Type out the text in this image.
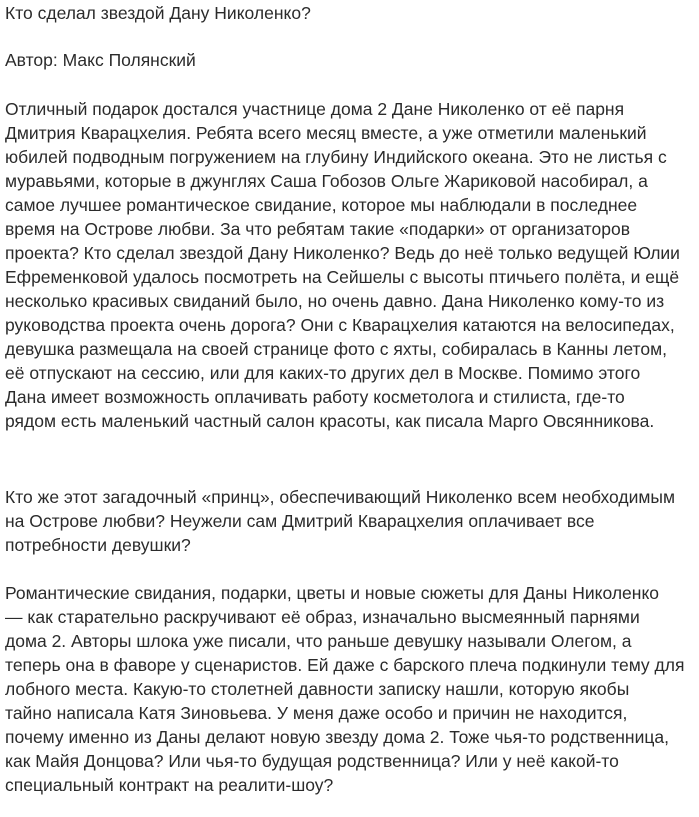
Кто сделал звездой Дану Николенко?
Автор: Макс Полянский
Отличный подарок достался участнице дома 2 Дане Николенко от её парня
Дмитрия Кварацхелия. Ребята всего месяц вместе, а уже отметили маленький
юбилей подводным погружением на глубину Индийского океана. Это не листья с
муравьями, которые в джунглях Саша Гобозов Ольге Жариковой насобирал, а
самое лучшее романтическое свидание, которое мы наблюдали в последнее
время на Острове любви. За что ребятам такие «подарки» от организаторов
проекта? Кто сделал звездой Дану Николенко? Ведь до неё только ведущей Юлии
Ефременковой удалось посмотреть на Сейшелы с высоты птичьего полёта, и ещё
несколько красивых свиданий было, но очень давно. Дана Николенко кому-то из
руководства проекта очень дорога? Они с Кварацхелия катаются на велосипедах,
девушка размещала на своей странице фото с яхты, собиралась в Канны летом,
её отпускают на сессию, или для каких-то других дел в Москве. Помимо этого
Дана имеет возможность оплачивать работу косметолога и стилиста, где-то
рядом есть маленький частный салон красоты, как писала Марго Овсянникова.
Кто же этот загадочный «принц», обеспечивающий Николенко всем необходимым
на Острове любви? Неужели сам Дмитрий Кварацхелия оплачивает все
потребности девушки?
Романтические свидания, подарки, цветы и новые сюжеты для Даны Николенко
— как старательно раскручивают её образ, изначально высмеянный парнями
дома 2. Авторы шлока уже писали, что раньше девушку называли Олегом, а
теперь она в фаворе у сценаристов. Ей даже с барского плеча подкинули тему для
лобного места. Какую-то столетней давности записку нашли, которую якобы
тайно написала Катя Зиновьева. У меня даже особо и причин не находится,
почему именно из Даны делают новую звезду дома 2. Тоже чья-то родственница,
как Майя Донцова? Или чья-то будущая родственница? Или у неё какой-то
специальный контракт на реалити-шоу?
